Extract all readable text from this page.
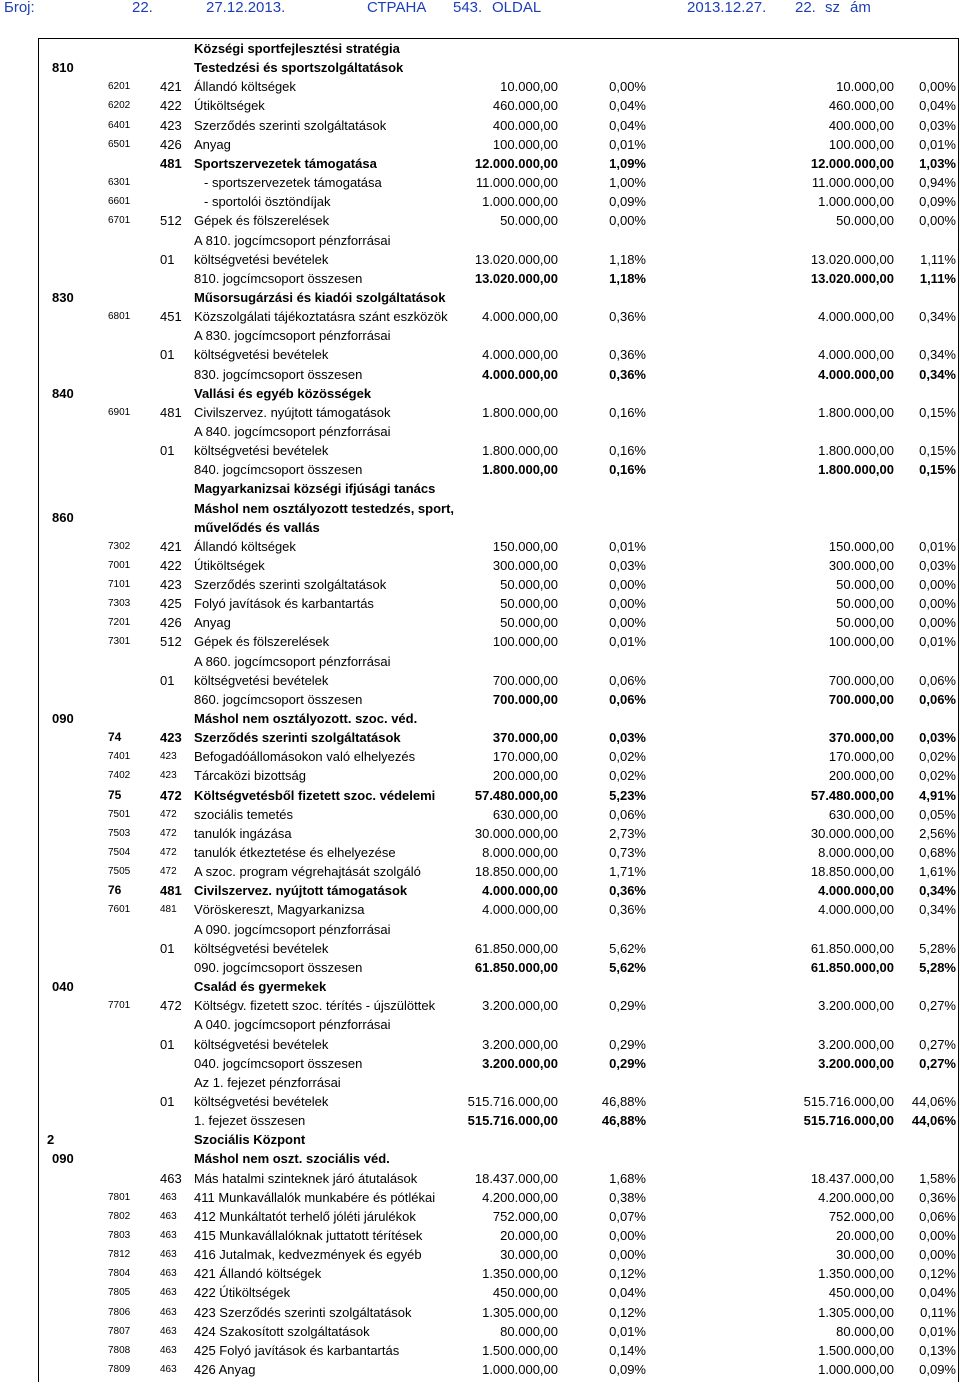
Бroj:	22.	27.12.2013.	СТРАНА 543. OLDAL	2013.12.27. 22. sz ám
Községi sportfejlesztési stratégia
810	Testedzési és sportszolgáltatások
6201 421 Állandó költségek	10.000,00	0,00%	10.000,00	0,00%
6202 422 Útiköltségek	460.000,00	0,04%	460.000,00	0,04%
6401 423 Szerződés szerinti szolgáltatások	400.000,00	0,04%	400.000,00	0,03%
6501 426 Anyag	100.000,00	0,01%	100.000,00	0,01%
481 Sportszervezetek támogatása	12.000.000,00	1,09%	12.000.000,00	1,03%
6301	- sportszervezetek támogatása	11.000.000,00	1,00%	11.000.000,00	0,94%
6601	- sportolói ösztöndíjak	1.000.000,00	0,09%	1.000.000,00	0,09%
6701 512 Gépek és fölszerelések	50.000,00	0,00%	50.000,00	0,00%
A 810. jogcímcsoport pénzforrásai
01	költségvetési bevételek	13.020.000,00	1,18%	13.020.000,00	1,11%
810. jogcímcsoport összesen	13.020.000,00	1,18%	13.020.000,00	1,11%
830	Műsorsugárzási és kiadói szolgáltatások
6801 451 Közszolgálati tájékoztatásra szánt eszközök	4.000.000,00	0,36%	4.000.000,00	0,34%
A 830. jogcímcsoport pénzforrásai
01	költségvetési bevételek	4.000.000,00	0,36%	4.000.000,00	0,34%
830. jogcímcsoport összesen	4.000.000,00	0,36%	4.000.000,00	0,34%
840	Vallási és egyéb közösségek
6901 481 Civilszervez. nyújtott támogatások	1.800.000,00	0,16%	1.800.000,00	0,15%
A 840. jogcímcsoport pénzforrásai
01	költségvetési bevételek	1.800.000,00	0,16%	1.800.000,00	0,15%
840. jogcímcsoport összesen	1.800.000,00	0,16%	1.800.000,00	0,15%
Magyarkanizsai községi ifjúsági tanács
860
Máshol nem osztályozott testedzés, sport, művelődés és vallás
7302 421 Állandó költségek	150.000,00	0,01%	150.000,00	0,01%
7001 422 Útiköltségek	300.000,00	0,03%	300.000,00	0,03%
7101 423 Szerződés szerinti szolgáltatások	50.000,00	0,00%	50.000,00	0,00%
7303 425 Folyó javítások és karbantartás	50.000,00	0,00%	50.000,00	0,00%
7201 426 Anyag	50.000,00	0,00%	50.000,00	0,00%
7301 512 Gépek és fölszerelések	100.000,00	0,01%	100.000,00	0,01%
A 860. jogcímcsoport pénzforrásai
01	költségvetési bevételek	700.000,00	0,06%	700.000,00	0,06%
860. jogcímcsoport összesen	700.000,00	0,06%	700.000,00	0,06%
090	Máshol nem osztályozott. szoc. véd.
74	423 Szerződés szerinti szolgáltatások	370.000,00	0,03%	370.000,00	0,03%
7401	423 Befogadóállomásokon való elhelyezés	170.000,00	0,02%	170.000,00	0,02%
7402	423 Tárcaközi bizottság	200.000,00	0,02%	200.000,00	0,02%
75	472 Költségvetésből fizetett szoc. védelemi	57.480.000,00	5,23%	57.480.000,00	4,91%
7501	472 szociális temetés	630.000,00	0,06%	630.000,00	0,05%
7503	472 tanulók ingázása	30.000.000,00	2,73%	30.000.000,00	2,56%
7504	472 tanulók étkeztetése és elhelyezése	8.000.000,00	0,73%	8.000.000,00	0,68%
7505	472 A szoc. program végrehajtását szolgáló	18.850.000,00	1,71%	18.850.000,00	1,61%
76	481 Civilszervez. nyújtott támogatások	4.000.000,00	0,36%	4.000.000,00	0,34%
7601	481 Vöröskereszt, Magyarkanizsa	4.000.000,00	0,36%	4.000.000,00	0,34%
A 090. jogcímcsoport pénzforrásai
01	költségvetési bevételek	61.850.000,00	5,62%	61.850.000,00	5,28%
090. jogcímcsoport összesen	61.850.000,00	5,62%	61.850.000,00	5,28%
040	Család és gyermekek
7701 472 Költségv. fizetett szoc. térítés - újszülöttek	3.200.000,00	0,29%	3.200.000,00	0,27%
A 040. jogcímcsoport pénzforrásai
01	költségvetési bevételek	3.200.000,00	0,29%	3.200.000,00	0,27%
040. jogcímcsoport összesen	3.200.000,00	0,29%	3.200.000,00	0,27%
Az 1. fejezet pénzforrásai
01	költségvetési bevételek	515.716.000,00	46,88%	515.716.000,00	44,06%
1. fejezet összesen	515.716.000,00	46,88%	515.716.000,00	44,06%
2	Szociális Központ
090	Máshol nem oszt. szociális véd.
463 Más hatalmi szinteknek járó átutalások	18.437.000,00	1,68%	18.437.000,00	1,58%
7801	463 411 Munkavállalók munkabére és pótlékai	4.200.000,00	0,38%	4.200.000,00	0,36%
7802	463 412 Munkáltatót terhelő jóléti járulékok	752.000,00	0,07%	752.000,00	0,06%
7803	463 415 Munkavállalóknak juttatott térítések	20.000,00	0,00%	20.000,00	0,00%
7812	463 416 Jutalmak, kedvezmények és egyéb	30.000,00	0,00%	30.000,00	0,00%
7804	463 421 Állandó költségek	1.350.000,00	0,12%	1.350.000,00	0,12%
7805	463 422 Útiköltségek	450.000,00	0,04%	450.000,00	0,04%
7806	463 423 Szerződés szerinti szolgáltatások	1.305.000,00	0,12%	1.305.000,00	0,11%
7807	463 424 Szakosított szolgáltatások	80.000,00	0,01%	80.000,00	0,01%
7808	463 425 Folyó javítások és karbantartás	1.500.000,00	0,14%	1.500.000,00	0,13%
7809	463 426 Anyag	1.000.000,00	0,09%	1.000.000,00	0,09%
